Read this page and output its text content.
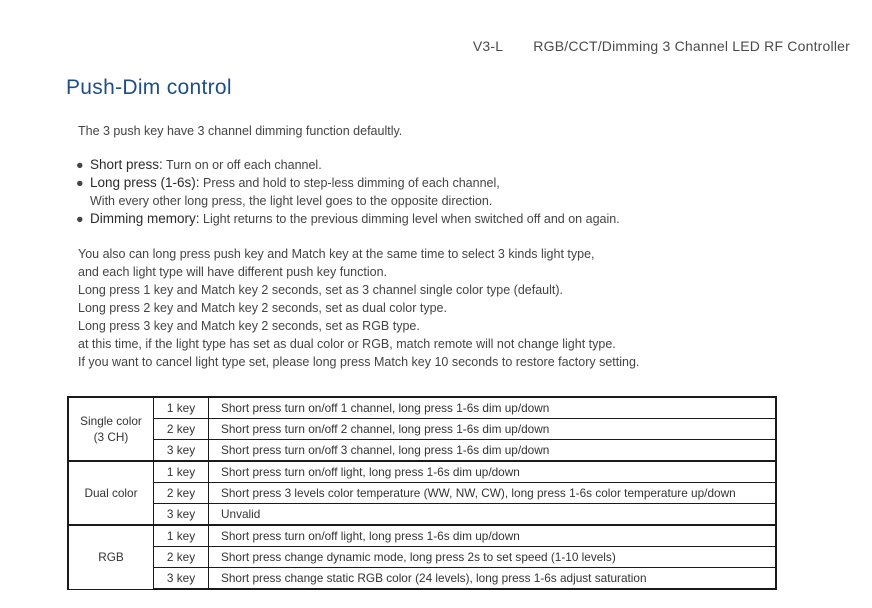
V3-L RGB/CCT/Dimming 3 Channel LED RF Controller
Push-Dim control
The 3 push key have 3 channel dimming function defaultly.
● Short press: Turn on or off each channel.
● Long press (1-6s): Press and hold to step-less dimming of each channel,
With every other long press, the light level goes to the opposite direction.
● Dimming memory: Light returns to the previous dimming level when switched off and on again.
You also can long press push key and Match key at the same time to select 3 kinds light type,
and each light type will have different push key function.
Long press 1 key and Match key 2 seconds, set as 3 channel single color type (default).
Long press 2 key and Match key 2 seconds, set as dual color type.
Long press 3 key and Match key 2 seconds, set as RGB type.
at this time, if the light type has set as dual color or RGB, match remote will not change light type.
If you want to cancel light type set, please long press Match key 10 seconds to restore factory setting.
Single color
(3 CH)	1 key	Short press turn on/off 1 channel, long press 1-6s dim up/down
	2 key	Short press turn on/off 2 channel, long press 1-6s dim up/down
	3 key	Short press turn on/off 3 channel, long press 1-6s dim up/down

Dual color	1 key	Short press turn on/off light, long press 1-6s dim up/down
	2 key	Short press 3 levels color temperature (WW, NW, CW), long press 1-6s color temperature up/down
	3 key	Unvalid

RGB	1 key	Short press turn on/off light, long press 1-6s dim up/down
	2 key	Short press change dynamic mode, long press 2s to set speed (1-10 levels)
	3 key	Short press change static RGB color (24 levels), long press 1-6s adjust saturation
